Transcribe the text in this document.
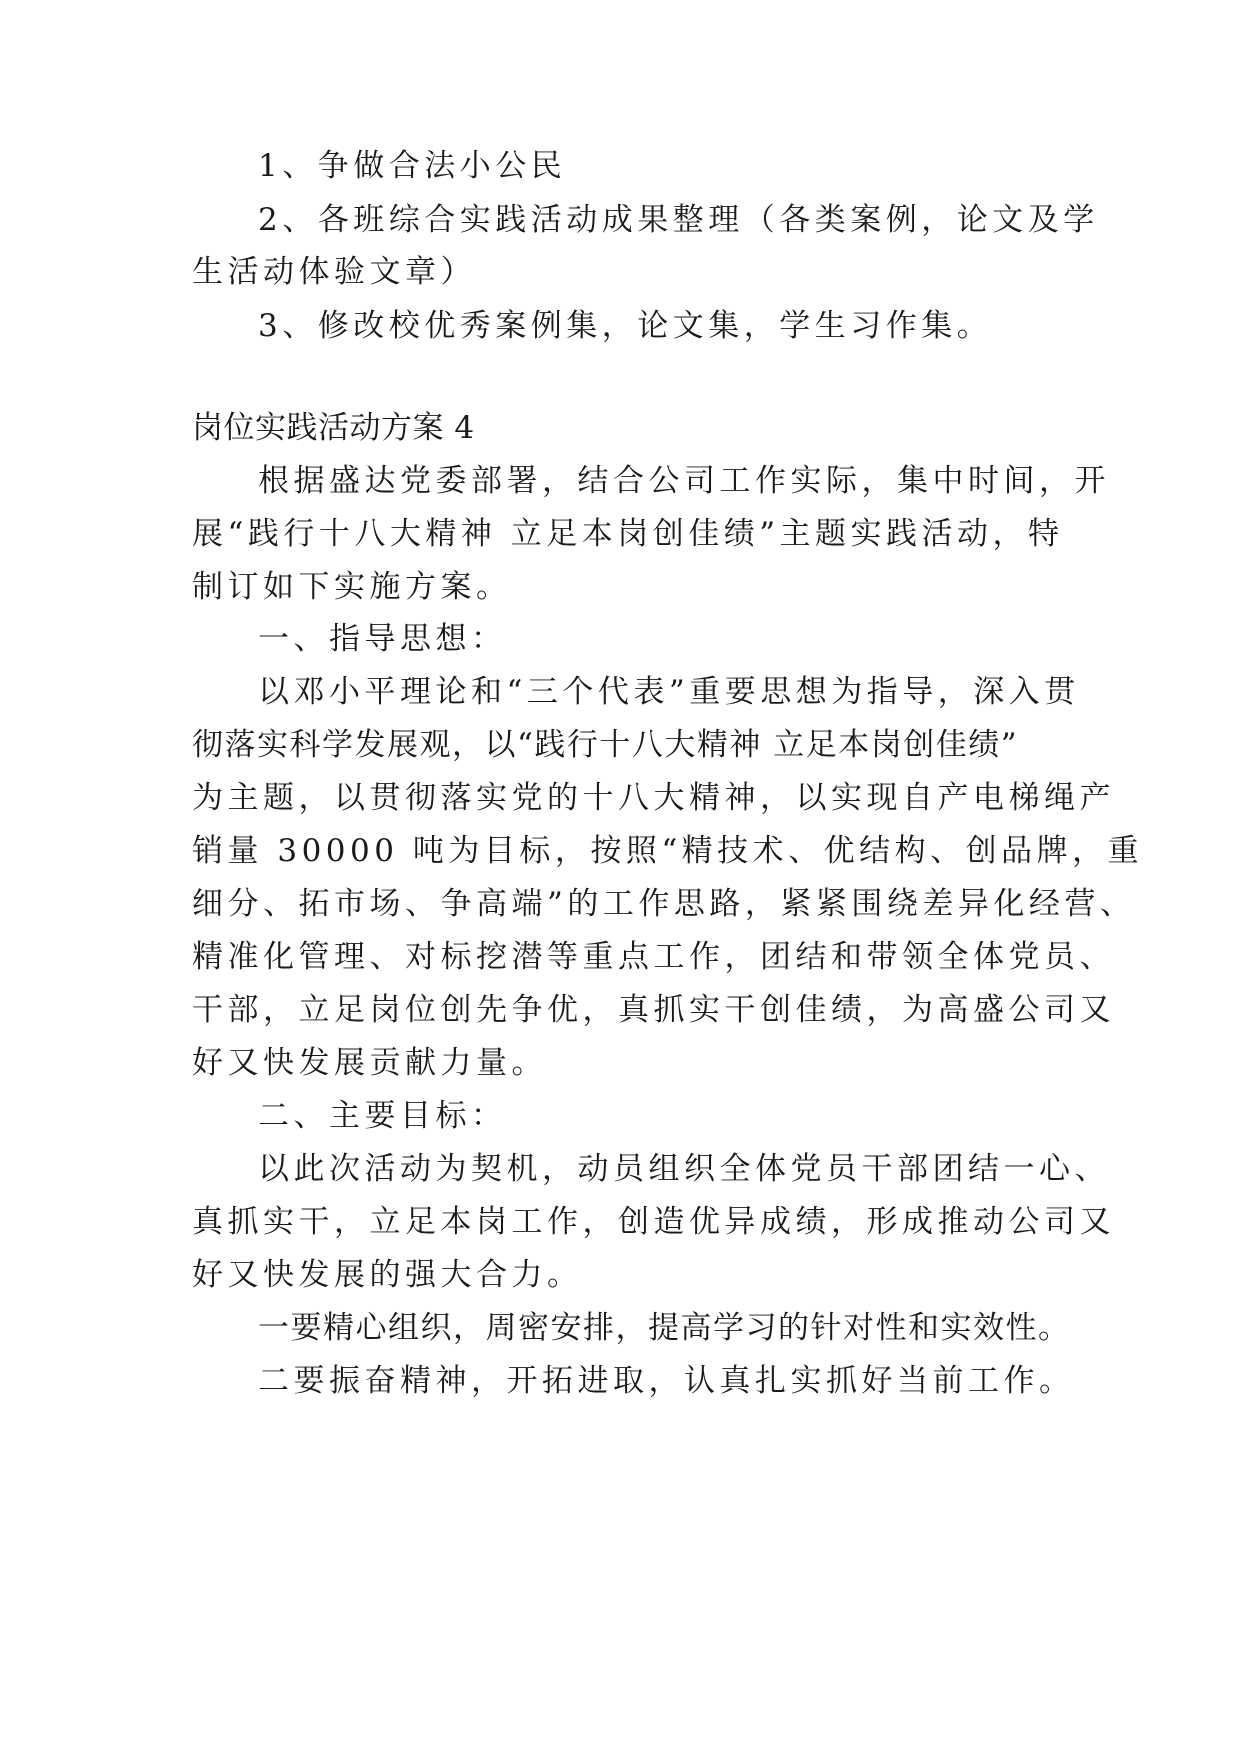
1、争做合法小公民
2、各班综合实践活动成果整理（各类案例，论文及学
生活动体验文章）
3、修改校优秀案例集，论文集，学生习作集。
岗位实践活动方案 4
根据盛达党委部署，结合公司工作实际，集中时间，开
展“践行十八大精神 立足本岗创佳绩”主题实践活动，特
制订如下实施方案。
一、指导思想：
以邓小平理论和“三个代表”重要思想为指导，深入贯
彻落实科学发展观，以“践行十八大精神 立足本岗创佳绩”
为主题，以贯彻落实党的十八大精神，以实现自产电梯绳产
销量 30000 吨为目标，按照“精技术、优结构、创品牌，重
细分、拓市场、争高端”的工作思路，紧紧围绕差异化经营、
精准化管理、对标挖潜等重点工作，团结和带领全体党员、
干部，立足岗位创先争优，真抓实干创佳绩，为高盛公司又
好又快发展贡献力量。
二、主要目标：
以此次活动为契机，动员组织全体党员干部团结一心、
真抓实干，立足本岗工作，创造优异成绩，形成推动公司又
好又快发展的强大合力。
一要精心组织，周密安排，提高学习的针对性和实效性。
二要振奋精神，开拓进取，认真扎实抓好当前工作。
